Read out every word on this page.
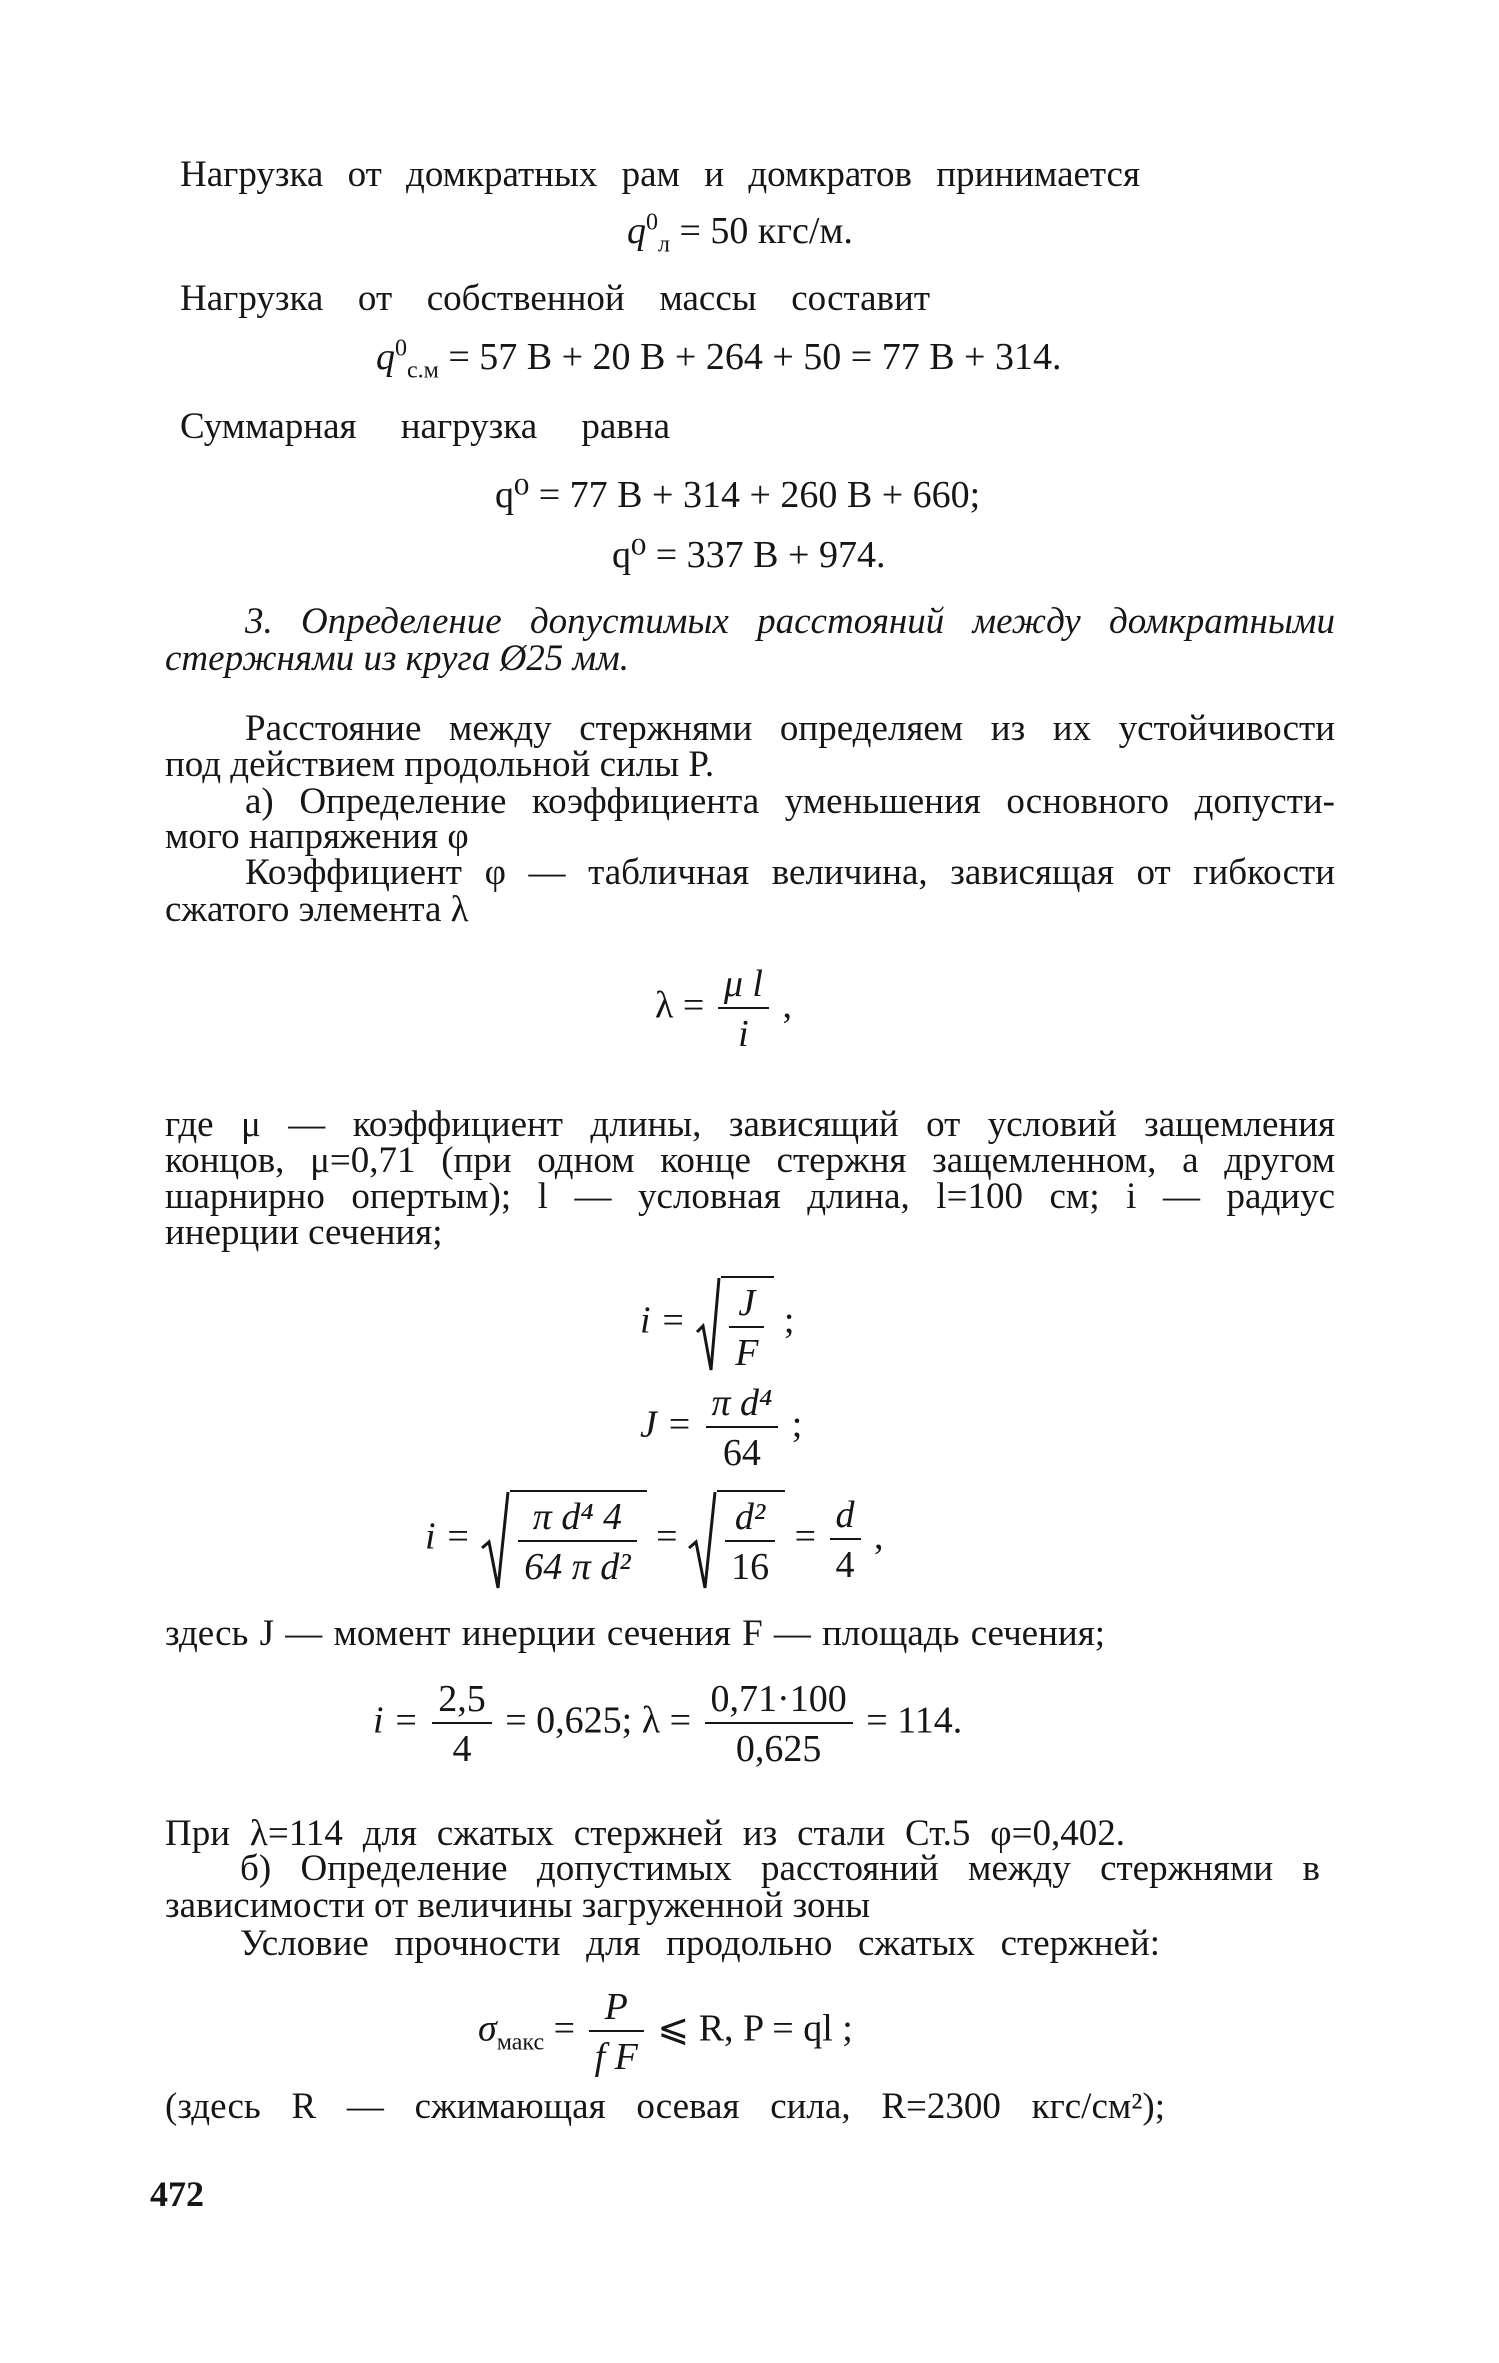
Нагрузка от домкратных рам и домкратов принимается

$q^0_л = 50$ кгс/м.

Нагрузка от собственной массы составит

$q^0_{с.м} = 57$ B + 20 B + 264 + 50 = 77 B + 314.

Суммарная нагрузка равна

q⁰ = 77 B + 314 + 260 B + 660;
q⁰ = 337 B + 974.

3. Определение допустимых расстояний между домкратными

стержнями из круга Ø25 мм.

Расстояние между стержнями определяем из их устойчивости

под действием продольной силы P.

а) Определение коэффициента уменьшения основного допусти-

мого напряжения φ

Коэффициент φ — табличная величина, зависящая от гибкости

сжатого элемента λ

$\lambda = \frac{\text{μ l}}{i}$ ,

где μ — коэффициент длины, зависящий от условий защемления

концов, μ=0,71 (при одном конце стержня защемленном, а другом

шарнирно опертым); l — условная длина, l=100 см; i — радиус

инерции сечения;

$i = \frac{J}{F}$ ;
$J = \frac{\text{π d⁴}}{64}$ ;
$i = \frac{\text{π d⁴ 4}}{\text{64 π d²}} = \frac{\text{d²}}{16} = \frac{d}{4}$ ,

здесь J — момент инерции сечения F — площадь сечения;

$i = \frac{2,5}{4} = 0,625$; $\lambda = \frac{0,71\cdot 100}{0,625} = 114$.

При λ=114 для сжатых стержней из стали Ст.5 φ=0,402.

б) Определение допустимых расстояний между стержнями в

зависимости от величины загруженной зоны

Условие прочности для продольно сжатых стержней:

$\sigma_{макс} = \frac{P}{\text{f F}}$ ⩽ R, P = ql ;

(здесь R — сжимающая осевая сила, R=2300 кгс/см²);

472
